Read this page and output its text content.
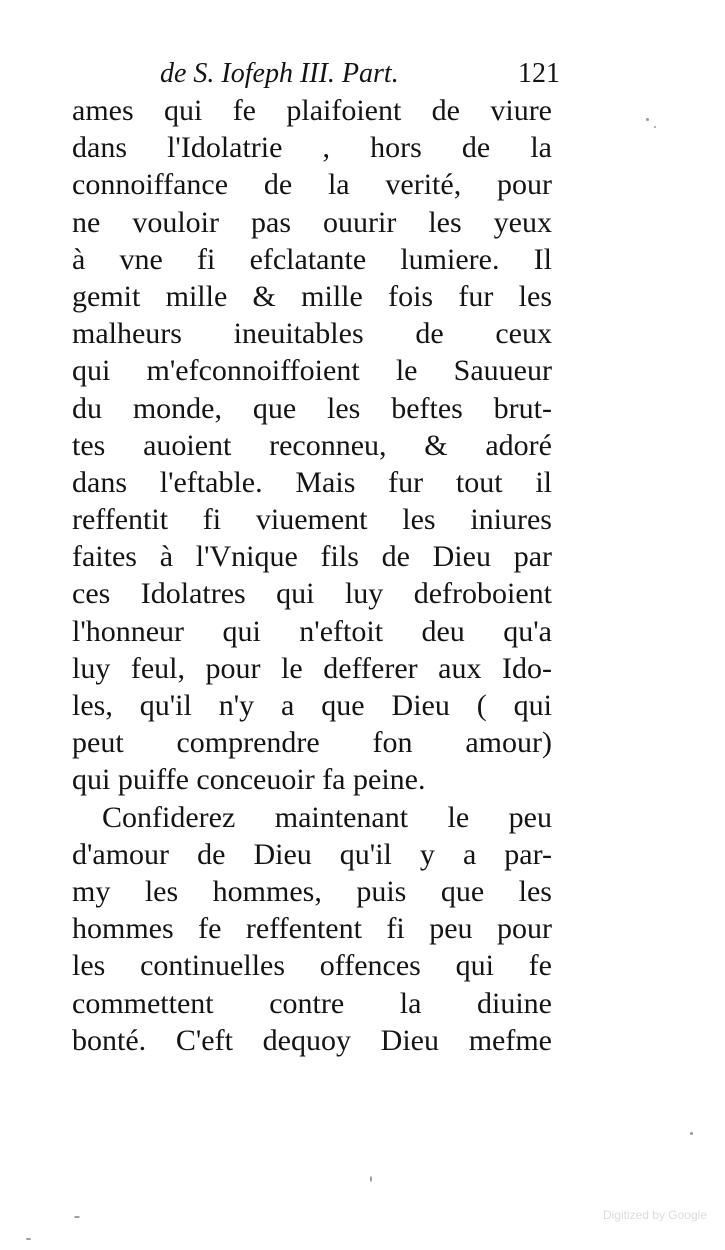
de S. Iofeph III. Part.	121
ames qui fe plaifoient de viure
dans l'Idolatrie , hors de la
connoiffance de la verité, pour
ne vouloir pas ouurir les yeux
à vne fi efclatante lumiere. Il
gemit mille & mille fois fur les
malheurs ineuitables de ceux
qui m'efconnoiffoient le Sauueur
du monde, que les beftes brut-
tes auoient reconneu, & adoré
dans l'eftable. Mais fur tout il
reffentit fi viuement les iniures
faites à l'Vnique fils de Dieu par
ces Idolatres qui luy defroboient
l'honneur qui n'eftoit deu qu'a
luy feul, pour le defferer aux Ido-
les, qu'il n'y a que Dieu ( qui
peut comprendre fon amour)
qui puiffe conceuoir fa peine.
Confiderez maintenant le peu
d'amour de Dieu qu'il y a par-
my les hommes, puis que les
hommes fe reffentent fi peu pour
les continuelles offences qui fe
commettent contre la diuine
bonté. C'eft dequoy Dieu mefme
Digitized by Google
